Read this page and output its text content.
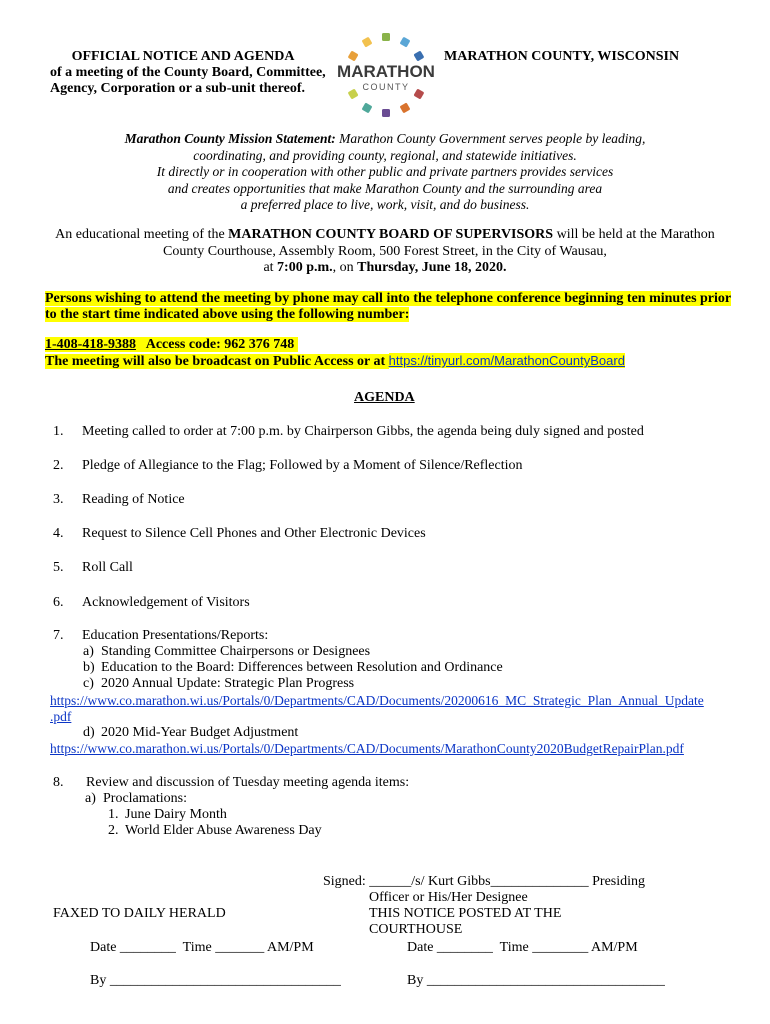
OFFICIAL NOTICE AND AGENDA
of a meeting of the County Board, Committee,
Agency, Corporation or a sub-unit thereof.
MARATHON
COUNTY
MARATHON COUNTY, WISCONSIN
Marathon County Mission Statement: Marathon County Government serves people by leading,
coordinating, and providing county, regional, and statewide initiatives.
It directly or in cooperation with other public and private partners provides services
and creates opportunities that make Marathon County and the surrounding area
a preferred place to live, work, visit, and do business.
An educational meeting of the MARATHON COUNTY BOARD OF SUPERVISORS will be held at the Marathon
County Courthouse, Assembly Room, 500 Forest Street, in the City of Wausau,
at 7:00 p.m., on Thursday, June 18, 2020.
Persons wishing to attend the meeting by phone may call into the telephone conference beginning ten minutes prior
to the start time indicated above using the following number:
1-408-418-9388   Access code: 962 376 748
The meeting will also be broadcast on Public Access or at https://tinyurl.com/MarathonCountyBoard
AGENDA
1. Meeting called to order at 7:00 p.m. by Chairperson Gibbs, the agenda being duly signed and posted
2. Pledge of Allegiance to the Flag; Followed by a Moment of Silence/Reflection
3. Reading of Notice
4. Request to Silence Cell Phones and Other Electronic Devices
5. Roll Call
6. Acknowledgement of Visitors
7. Education Presentations/Reports:
a) Standing Committee Chairpersons or Designees
b) Education to the Board: Differences between Resolution and Ordinance
c) 2020 Annual Update: Strategic Plan Progress
https://www.co.marathon.wi.us/Portals/0/Departments/CAD/Documents/20200616_MC_Strategic_Plan_Annual_Update
.pdf
d) 2020 Mid-Year Budget Adjustment
https://www.co.marathon.wi.us/Portals/0/Departments/CAD/Documents/MarathonCounty2020BudgetRepairPlan.pdf
8. Review and discussion of Tuesday meeting agenda items:
a) Proclamations:
1. June Dairy Month
2. World Elder Abuse Awareness Day
Signed: ______/s/ Kurt Gibbs______________ Presiding
Officer or His/Her Designee
FAXED TO DAILY HERALD	THIS NOTICE POSTED AT THE
COURTHOUSE
Date ________  Time _______ AM/PM	Date ________  Time ________ AM/PM
By _________________________________	By __________________________________
